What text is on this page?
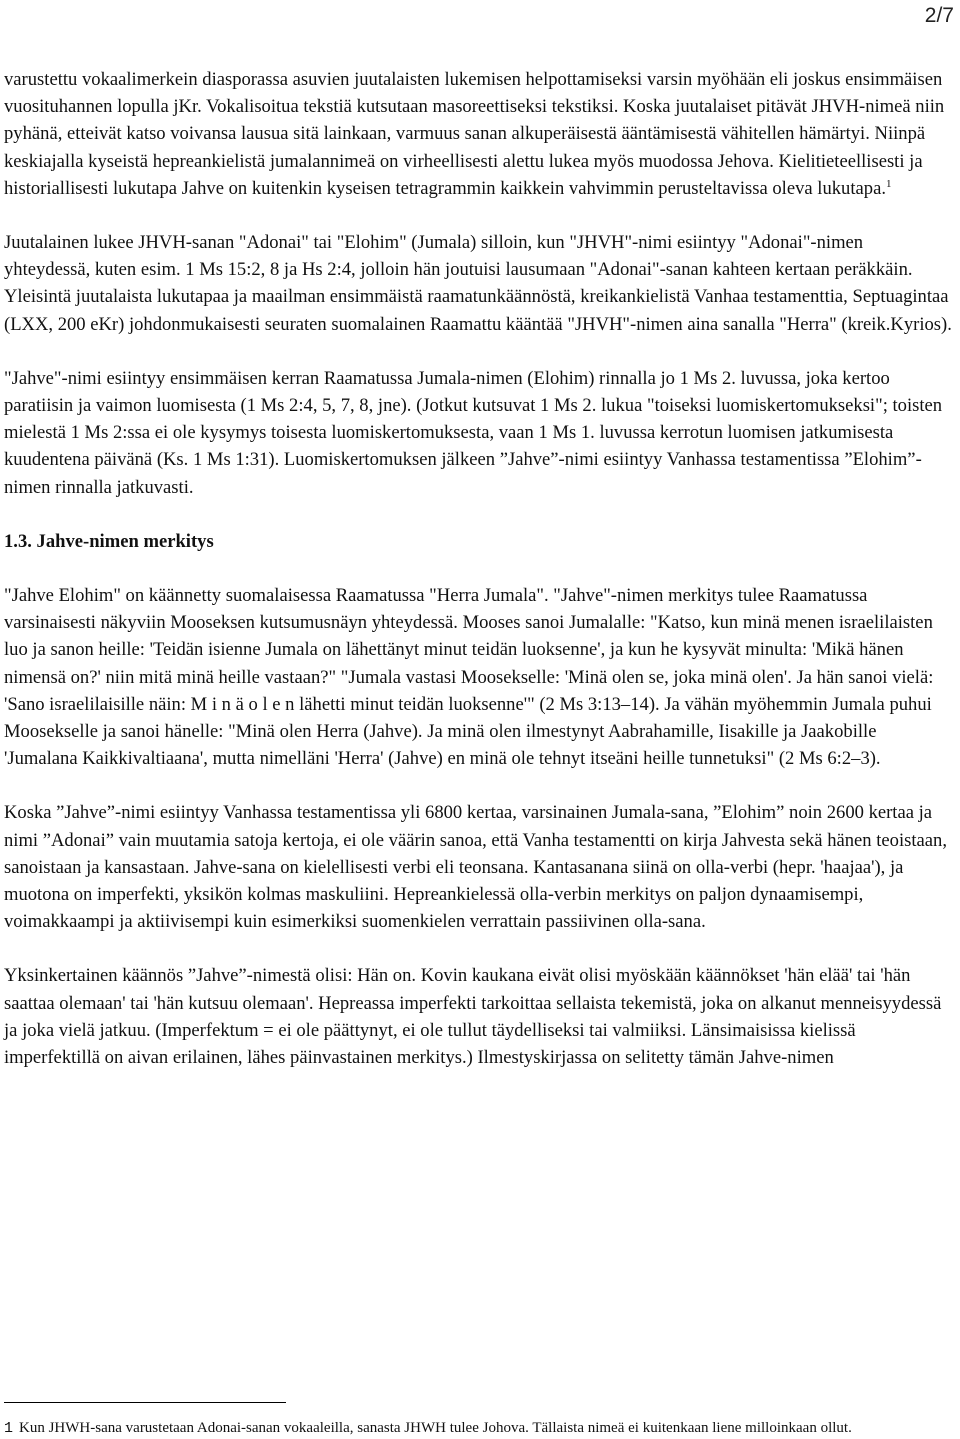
2/7

varustettu vokaalimerkein diasporassa asuvien juutalaisten lukemisen helpottamiseksi varsin myöhään eli joskus ensimmäisen vuosituhannen lopulla jKr. Vokalisoitua tekstiä kutsutaan masoreettiseksi tekstiksi. Koska juutalaiset pitävät JHVH-nimeä niin pyhänä, etteivät katso voivansa lausua sitä lainkaan, varmuus sanan alkuperäisestä ääntämisestä vähitellen hämärtyi. Niinpä keskiajalla kyseistä hepreankielistä jumalannimeä on virheellisesti alettu lukea myös muodossa Jehova. Kielitieteellisesti ja historiallisesti lukutapa Jahve on kuitenkin kyseisen tetragrammin kaikkein vahvimmin perusteltavissa oleva lukutapa.$^1$

Juutalainen lukee JHVH-sanan "Adonai" tai "Elohim" (Jumala) silloin, kun "JHVH"-nimi esiintyy "Adonai"-nimen yhteydessä, kuten esim. 1 Ms 15:2, 8 ja Hs 2:4, jolloin hän joutuisi lausumaan "Adonai"-sanan kahteen kertaan peräkkäin. Yleisintä juutalaista lukutapaa ja maailman ensimmäistä raamatunkäännöstä, kreikankielistä Vanhaa testamenttia, Septuagintaa (LXX, 200 eKr) johdonmukaisesti seuraten suomalainen Raamattu kääntää "JHVH"-nimen aina sanalla "Herra" (kreik.Kyrios).

"Jahve"-nimi esiintyy ensimmäisen kerran Raamatussa Jumala-nimen (Elohim) rinnalla jo 1 Ms 2. luvussa, joka kertoo paratiisin ja vaimon luomisesta (1 Ms 2:4, 5, 7, 8, jne). (Jotkut kutsuvat 1 Ms 2. lukua "toiseksi luomiskertomukseksi"; toisten mielestä 1 Ms 2:ssa ei ole kysymys toisesta luomiskertomuksesta, vaan 1 Ms 1. luvussa kerrotun luomisen jatkumisesta kuudentena päivänä (Ks. 1 Ms 1:31). Luomiskertomuksen jälkeen ”Jahve”-nimi esiintyy Vanhassa testamentissa ”Elohim”-nimen rinnalla jatkuvasti.

1.3. Jahve-nimen merkitys

"Jahve Elohim" on käännetty suomalaisessa Raamatussa "Herra Jumala". "Jahve"-nimen merkitys tulee Raamatussa varsinaisesti näkyviin Mooseksen kutsumusnäyn yhteydessä. Mooses sanoi Jumalalle: "Katso, kun minä menen israelilaisten luo ja sanon heille: 'Teidän isienne Jumala on lähettänyt minut teidän luoksenne', ja kun he kysyvät minulta: 'Mikä hänen nimensä on?' niin mitä minä heille vastaan?" "Jumala vastasi Moosekselle: 'Minä olen se, joka minä olen'. Ja hän sanoi vielä: 'Sano israelilaisille näin: M i n ä o l e n lähetti minut teidän luoksenne'" (2 Ms 3:13–14). Ja vähän myöhemmin Jumala puhui Moosekselle ja sanoi hänelle: "Minä olen Herra (Jahve). Ja minä olen ilmestynyt Aabrahamille, Iisakille ja Jaakobille 'Jumalana Kaikkivaltiaana', mutta nimelläni 'Herra' (Jahve) en minä ole tehnyt itseäni heille tunnetuksi" (2 Ms 6:2–3).

Koska ”Jahve”-nimi esiintyy Vanhassa testamentissa yli 6800 kertaa, varsinainen Jumala-sana, ”Elohim” noin 2600 kertaa ja nimi ”Adonai” vain muutamia satoja kertoja, ei ole väärin sanoa, että Vanha testamentti on kirja Jahvesta sekä hänen teoistaan, sanoistaan ja kansastaan. Jahve-sana on kielellisesti verbi eli teonsana. Kantasanana siinä on olla-verbi (hepr. 'haajaa'), ja muotona on imperfekti, yksikön kolmas maskuliini. Hepreankielessä olla-verbin merkitys on paljon dynaamisempi, voimakkaampi ja aktiivisempi kuin esimerkiksi suomenkielen verrattain passiivinen olla-sana.

Yksinkertainen käännös ”Jahve”-nimestä olisi: Hän on. Kovin kaukana eivät olisi myöskään käännökset 'hän elää' tai 'hän saattaa olemaan' tai 'hän kutsuu olemaan'. Hepreassa imperfekti tarkoittaa sellaista tekemistä, joka on alkanut menneisyydessä ja joka vielä jatkuu. (Imperfektum = ei ole päättynyt, ei ole tullut täydelliseksi tai valmiiksi. Länsimaisissa kielissä imperfektillä on aivan erilainen, lähes päinvastainen merkitys.) Ilmestyskirjassa on selitetty tämän Jahve-nimen

1 Kun JHWH-sana varustetaan Adonai-sanan vokaaleilla, sanasta JHWH tulee Johova. Tällaista nimeä ei kuitenkaan liene milloinkaan ollut.
